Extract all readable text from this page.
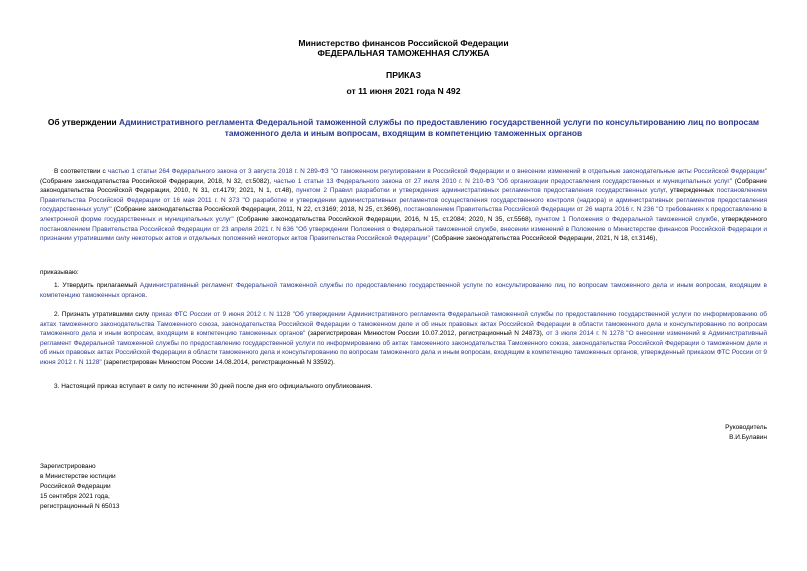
Министерство финансов Российской Федерации
ФЕДЕРАЛЬНАЯ ТАМОЖЕННАЯ СЛУЖБА
ПРИКАЗ
от 11 июня 2021 года N 492
Об утверждении Административного регламента Федеральной таможенной службы по предоставлению государственной услуги по консультированию лиц по вопросам таможенного дела и иным вопросам, входящим в компетенцию таможенных органов
В соответствии с частью 1 статьи 264 Федерального закона от 3 августа 2018 г. N 289-ФЗ "О таможенном регулировании в Российской Федерации и о внесении изменений в отдельные законодательные акты Российской Федерации" (Собрание законодательства Российской Федерации, 2018, N 32, ст.5082), частью 1 статьи 13 Федерального закона от 27 июля 2010 г. N 210-ФЗ "Об организации предоставления государственных и муниципальных услуг" (Собрание законодательства Российской Федерации, 2010, N 31, ст.4179; 2021, N 1, ст.48), пунктом 2 Правил разработки и утверждения административных регламентов предоставления государственных услуг, утвержденных постановлением Правительства Российской Федерации от 16 мая 2011 г. N 373 "О разработке и утверждении административных регламентов осуществления государственного контроля (надзора) и административных регламентов предоставления государственных услуг" (Собрание законодательства Российской Федерации, 2011, N 22, ст.3169; 2018, N 25, ст.3696), постановлением Правительства Российской Федерации от 26 марта 2016 г. N 236 "О требованиях к предоставлению в электронной форме государственных и муниципальных услуг" (Собрание законодательства Российской Федерации, 2016, N 15, ст.2084; 2020, N 35, ст.5568), пунктом 1 Положения о Федеральной таможенной службе, утвержденного постановлением Правительства Российской Федерации от 23 апреля 2021 г. N 636 "Об утверждении Положения о Федеральной таможенной службе, внесении изменений в Положение о Министерстве финансов Российской Федерации и признании утратившими силу некоторых актов и отдельных положений некоторых актов Правительства Российской Федерации" (Собрание законодательства Российской Федерации, 2021, N 18, ст.3146),
приказываю:
1. Утвердить прилагаемый Административный регламент Федеральной таможенной службы по предоставлению государственной услуги по консультированию лиц по вопросам таможенного дела и иным вопросам, входящим в компетенцию таможенных органов.
2. Признать утратившими силу приказ ФТС России от 9 июня 2012 г. N 1128 "Об утверждении Административного регламента Федеральной таможенной службы по предоставлению государственной услуги по информированию об актах таможенного законодательства Таможенного союза, законодательства Российской Федерации о таможенном деле и об иных правовых актах Российской Федерации в области таможенного дела и консультированию по вопросам таможенного дела и иным вопросам, входящим в компетенцию таможенных органов" (зарегистрирован Минюстом России 10.07.2012, регистрационный N 24873), от 3 июля 2014 г. N 1278 "О внесении изменений в Административный регламент Федеральной таможенной службы по предоставлению государственной услуги по информированию об актах таможенного законодательства Таможенного союза, законодательства Российской Федерации о таможенном деле и об иных правовых актах Российской Федерации в области таможенного дела и консультированию по вопросам таможенного дела и иным вопросам, входящим в компетенцию таможенных органов, утвержденный приказом ФТС России от 9 июня 2012 г. N 1128" (зарегистрирован Минюстом России 14.08.2014, регистрационный N 33592).
3. Настоящий приказ вступает в силу по истечении 30 дней после дня его официального опубликования.
Руководитель
В.И.Булавин
Зарегистрировано
в Министерстве юстиции
Российской Федерации
15 сентября 2021 года,
регистрационный N 65013
